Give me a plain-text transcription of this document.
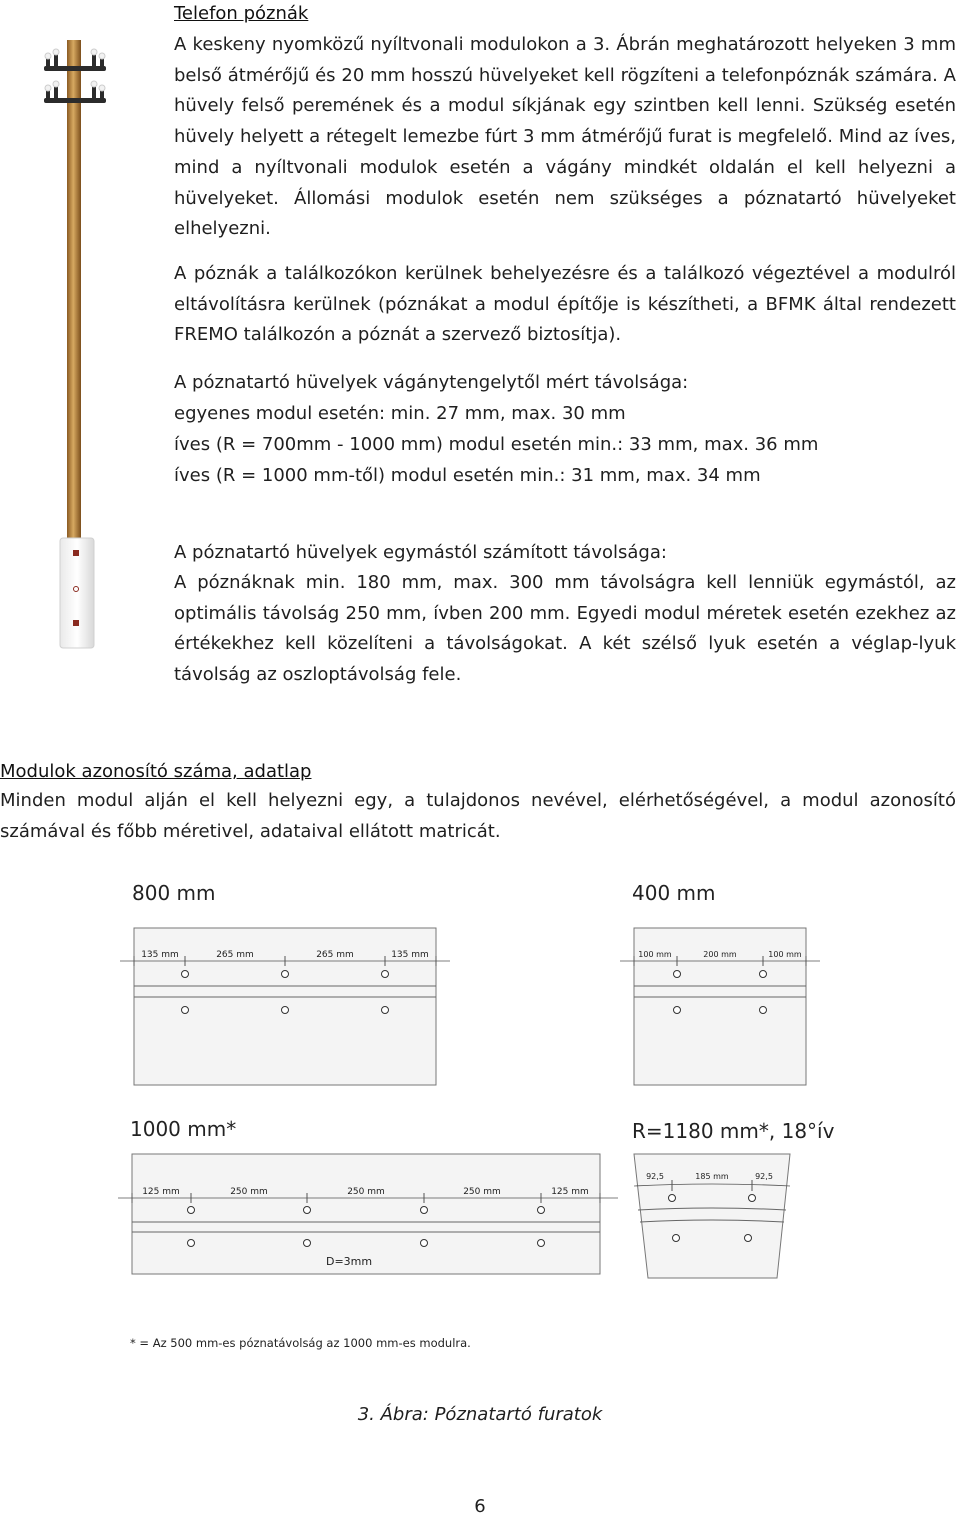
Telefon póznák
A keskeny nyomközű nyíltvonali modulokon a 3. Ábrán meghatározott helyeken 3 mm belső átmérőjű és 20 mm hosszú hüvelyeket kell rögzíteni a telefonpóznák számára. A hüvely felső peremének és a modul síkjának egy szintben kell lenni. Szükség esetén hüvely helyett a rétegelt lemezbe fúrt 3 mm átmérőjű furat is megfelelő. Mind az íves, mind a nyíltvonali modulok esetén a vágány mindkét oldalán el kell helyezni a hüvelyeket. Állomási modulok esetén nem szükséges a póznatartó hüvelyeket elhelyezni.
A póznák a találkozókon kerülnek behelyezésre és a találkozó végeztével a modulról eltávolításra kerülnek (póznákat a modul építője is készítheti, a BFMK által rendezett FREMO találkozón a póznát a szervező biztosítja).
A póznatartó hüvelyek vágánytengelytől mért távolsága:
egyenes modul esetén: min. 27 mm, max. 30 mm
íves (R = 700mm - 1000 mm) modul esetén min.: 33 mm, max. 36 mm
íves (R = 1000 mm-től) modul esetén min.: 31 mm, max. 34 mm
A póznatartó hüvelyek egymástól számított távolsága:
A póznáknak min. 180 mm, max. 300 mm távolságra kell lenniük egymástól, az optimális távolság 250 mm, ívben 200 mm. Egyedi modul méretek esetén ezekhez az értékekhez kell közelíteni a távolságokat. A két szélső lyuk esetén a véglap-lyuk távolság az oszloptávolság fele.
Modulok azonosító száma, adatlap
Minden modul alján el kell helyezni egy, a tulajdonos nevével, elérhetőségével, a modul azonosító számával és főbb méretivel, adataival ellátott matricát.
800 mm
135 mm	265 mm	265 mm	135 mm
400 mm
100 mm	200 mm	100 mm
1000 mm*
125 mm	250 mm	250 mm	250 mm	125 mm
D=3mm
R=1180 mm*, 18°ív
92,5	185 mm	92,5
* = Az 500 mm-es póznatávolság az 1000 mm-es modulra.
3. Ábra: Póznatartó furatok
6
